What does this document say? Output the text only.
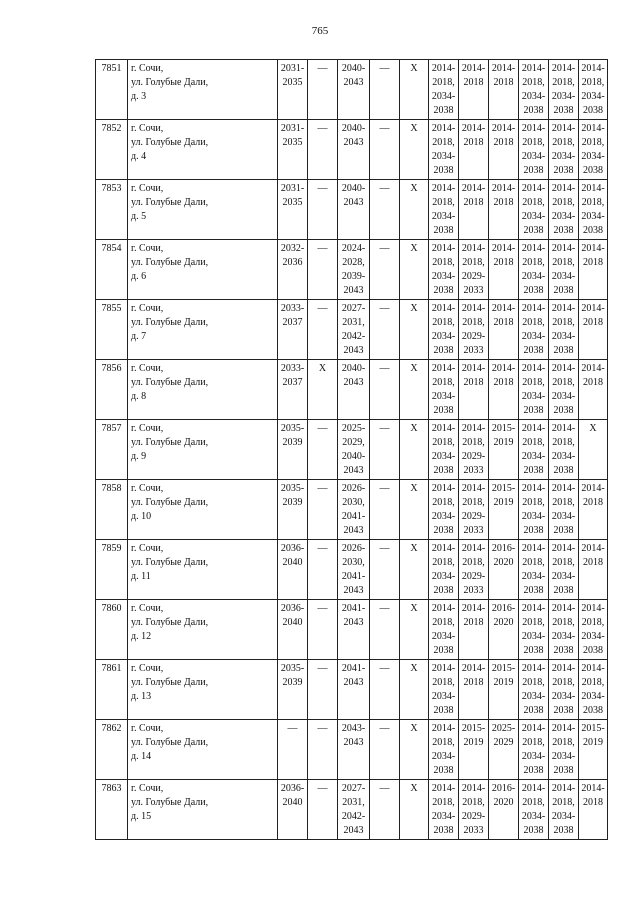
765
7851	г. Сочи,
ул. Голубые Дали,
д. 3	2031-
2035	—	2040-
2043	—	X	2014-
2018,
2034-
2038	2014-
2018	2014-
2018	2014-
2018,
2034-
2038	2014-
2018,
2034-
2038	2014-
2018,
2034-
2038

7852	г. Сочи,
ул. Голубые Дали,
д. 4	2031-
2035	—	2040-
2043	—	X	2014-
2018,
2034-
2038	2014-
2018	2014-
2018	2014-
2018,
2034-
2038	2014-
2018,
2034-
2038	2014-
2018,
2034-
2038

7853	г. Сочи,
ул. Голубые Дали,
д. 5	2031-
2035	—	2040-
2043	—	X	2014-
2018,
2034-
2038	2014-
2018	2014-
2018	2014-
2018,
2034-
2038	2014-
2018,
2034-
2038	2014-
2018,
2034-
2038

7854	г. Сочи,
ул. Голубые Дали,
д. 6	2032-
2036	—	2024-
2028,
2039-
2043	—	X	2014-
2018,
2034-
2038	2014-
2018,
2029-
2033	2014-
2018	2014-
2018,
2034-
2038	2014-
2018,
2034-
2038	2014-
2018

7855	г. Сочи,
ул. Голубые Дали,
д. 7	2033-
2037	—	2027-
2031,
2042-
2043	—	X	2014-
2018,
2034-
2038	2014-
2018,
2029-
2033	2014-
2018	2014-
2018,
2034-
2038	2014-
2018,
2034-
2038	2014-
2018

7856	г. Сочи,
ул. Голубые Дали,
д. 8	2033-
2037	X	2040-
2043	—	X	2014-
2018,
2034-
2038	2014-
2018	2014-
2018	2014-
2018,
2034-
2038	2014-
2018,
2034-
2038	2014-
2018

7857	г. Сочи,
ул. Голубые Дали,
д. 9	2035-
2039	—	2025-
2029,
2040-
2043	—	X	2014-
2018,
2034-
2038	2014-
2018,
2029-
2033	2015-
2019	2014-
2018,
2034-
2038	2014-
2018,
2034-
2038	X

7858	г. Сочи,
ул. Голубые Дали,
д. 10	2035-
2039	—	2026-
2030,
2041-
2043	—	X	2014-
2018,
2034-
2038	2014-
2018,
2029-
2033	2015-
2019	2014-
2018,
2034-
2038	2014-
2018,
2034-
2038	2014-
2018

7859	г. Сочи,
ул. Голубые Дали,
д. 11	2036-
2040	—	2026-
2030,
2041-
2043	—	X	2014-
2018,
2034-
2038	2014-
2018,
2029-
2033	2016-
2020	2014-
2018,
2034-
2038	2014-
2018,
2034-
2038	2014-
2018

7860	г. Сочи,
ул. Голубые Дали,
д. 12	2036-
2040	—	2041-
2043	—	X	2014-
2018,
2034-
2038	2014-
2018	2016-
2020	2014-
2018,
2034-
2038	2014-
2018,
2034-
2038	2014-
2018,
2034-
2038

7861	г. Сочи,
ул. Голубые Дали,
д. 13	2035-
2039	—	2041-
2043	—	X	2014-
2018,
2034-
2038	2014-
2018	2015-
2019	2014-
2018,
2034-
2038	2014-
2018,
2034-
2038	2014-
2018,
2034-
2038

7862	г. Сочи,
ул. Голубые Дали,
д. 14	—	—	2043-
2043	—	X	2014-
2018,
2034-
2038	2015-
2019	2025-
2029	2014-
2018,
2034-
2038	2014-
2018,
2034-
2038	2015-
2019

7863	г. Сочи,
ул. Голубые Дали,
д. 15	2036-
2040	—	2027-
2031,
2042-
2043	—	X	2014-
2018,
2034-
2038	2014-
2018,
2029-
2033	2016-
2020	2014-
2018,
2034-
2038	2014-
2018,
2034-
2038	2014-
2018
